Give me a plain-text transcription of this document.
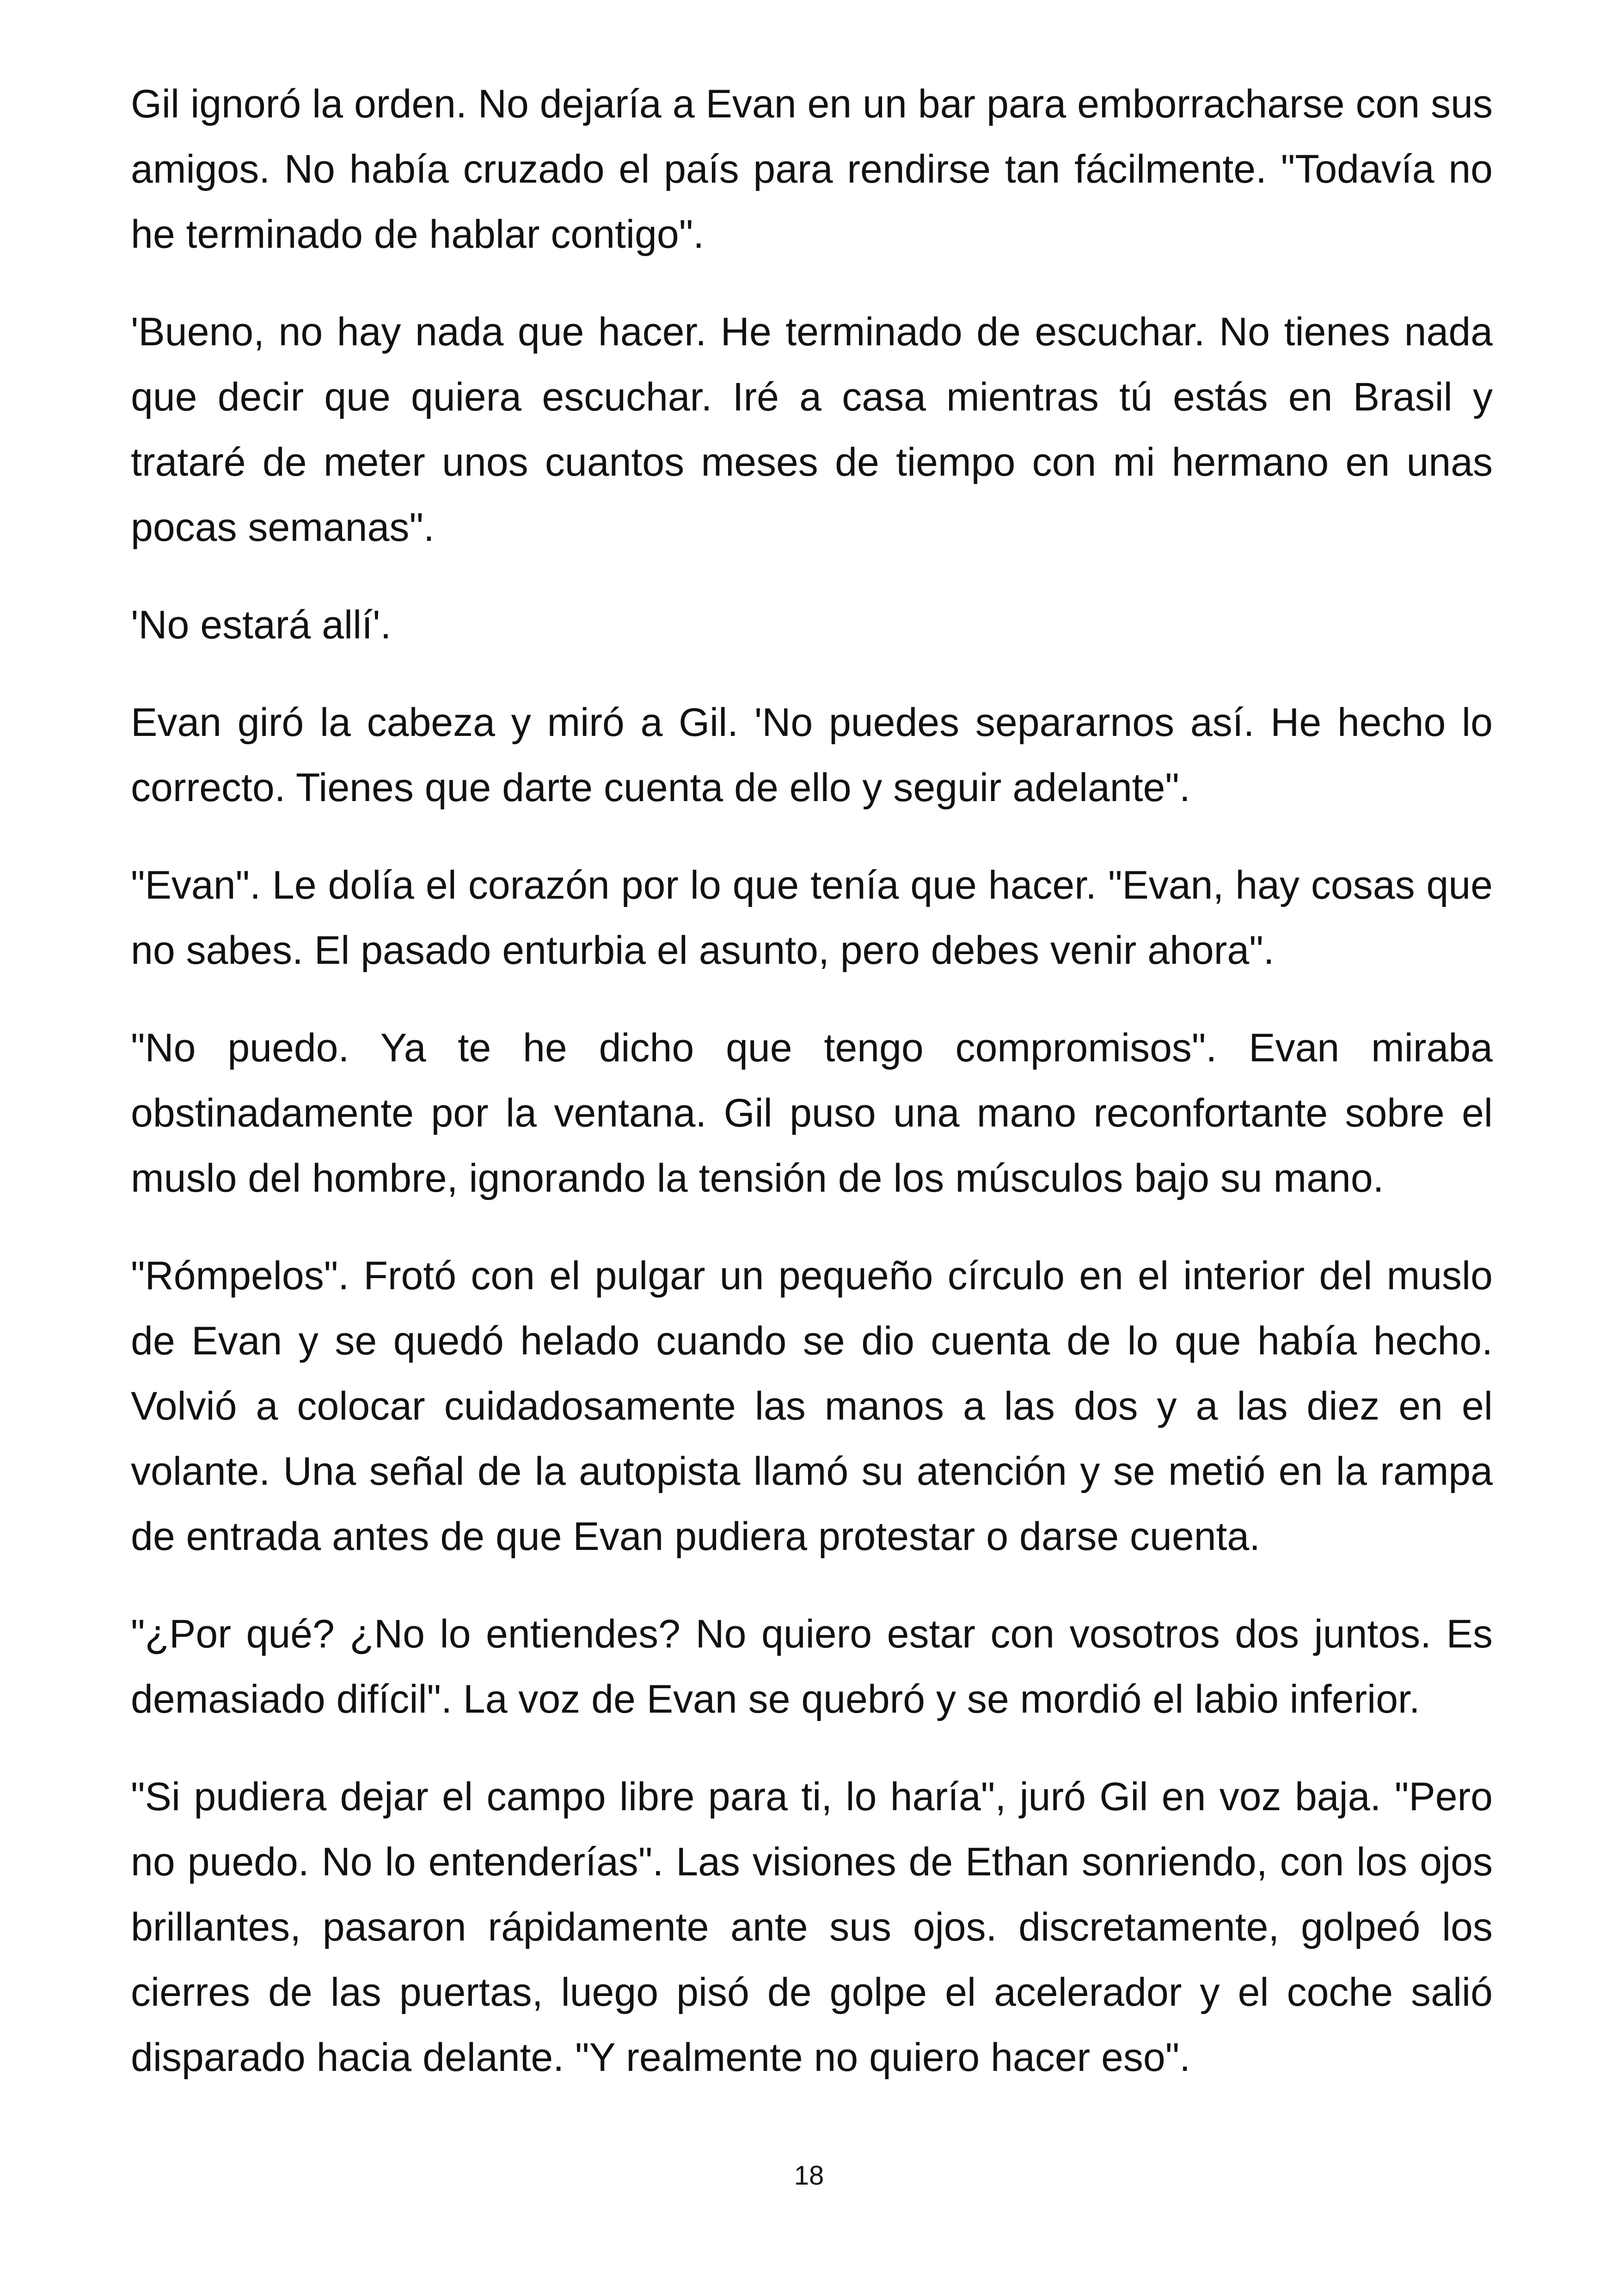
Gil ignoró la orden. No dejaría a Evan en un bar para emborracharse con sus amigos. No había cruzado el país para rendirse tan fácilmente. "Todavía no he terminado de hablar contigo".

'Bueno, no hay nada que hacer. He terminado de escuchar. No tienes nada que decir que quiera escuchar. Iré a casa mientras tú estás en Brasil y trataré de meter unos cuantos meses de tiempo con mi hermano en unas pocas semanas".

'No estará allí'.

Evan giró la cabeza y miró a Gil. 'No puedes separarnos así. He hecho lo correcto. Tienes que darte cuenta de ello y seguir adelante".

"Evan". Le dolía el corazón por lo que tenía que hacer. "Evan, hay cosas que no sabes. El pasado enturbia el asunto, pero debes venir ahora".

"No puedo. Ya te he dicho que tengo compromisos". Evan miraba obstinadamente por la ventana. Gil puso una mano reconfortante sobre el muslo del hombre, ignorando la tensión de los músculos bajo su mano.

"Rómpelos". Frotó con el pulgar un pequeño círculo en el interior del muslo de Evan y se quedó helado cuando se dio cuenta de lo que había hecho. Volvió a colocar cuidadosamente las manos a las dos y a las diez en el volante. Una señal de la autopista llamó su atención y se metió en la rampa de entrada antes de que Evan pudiera protestar o darse cuenta.

"¿Por qué? ¿No lo entiendes? No quiero estar con vosotros dos juntos. Es demasiado difícil". La voz de Evan se quebró y se mordió el labio inferior.

"Si pudiera dejar el campo libre para ti, lo haría", juró Gil en voz baja. "Pero no puedo. No lo entenderías". Las visiones de Ethan sonriendo, con los ojos brillantes, pasaron rápidamente ante sus ojos. discretamente, golpeó los cierres de las puertas, luego pisó de golpe el acelerador y el coche salió disparado hacia delante. "Y realmente no quiero hacer eso".

18
